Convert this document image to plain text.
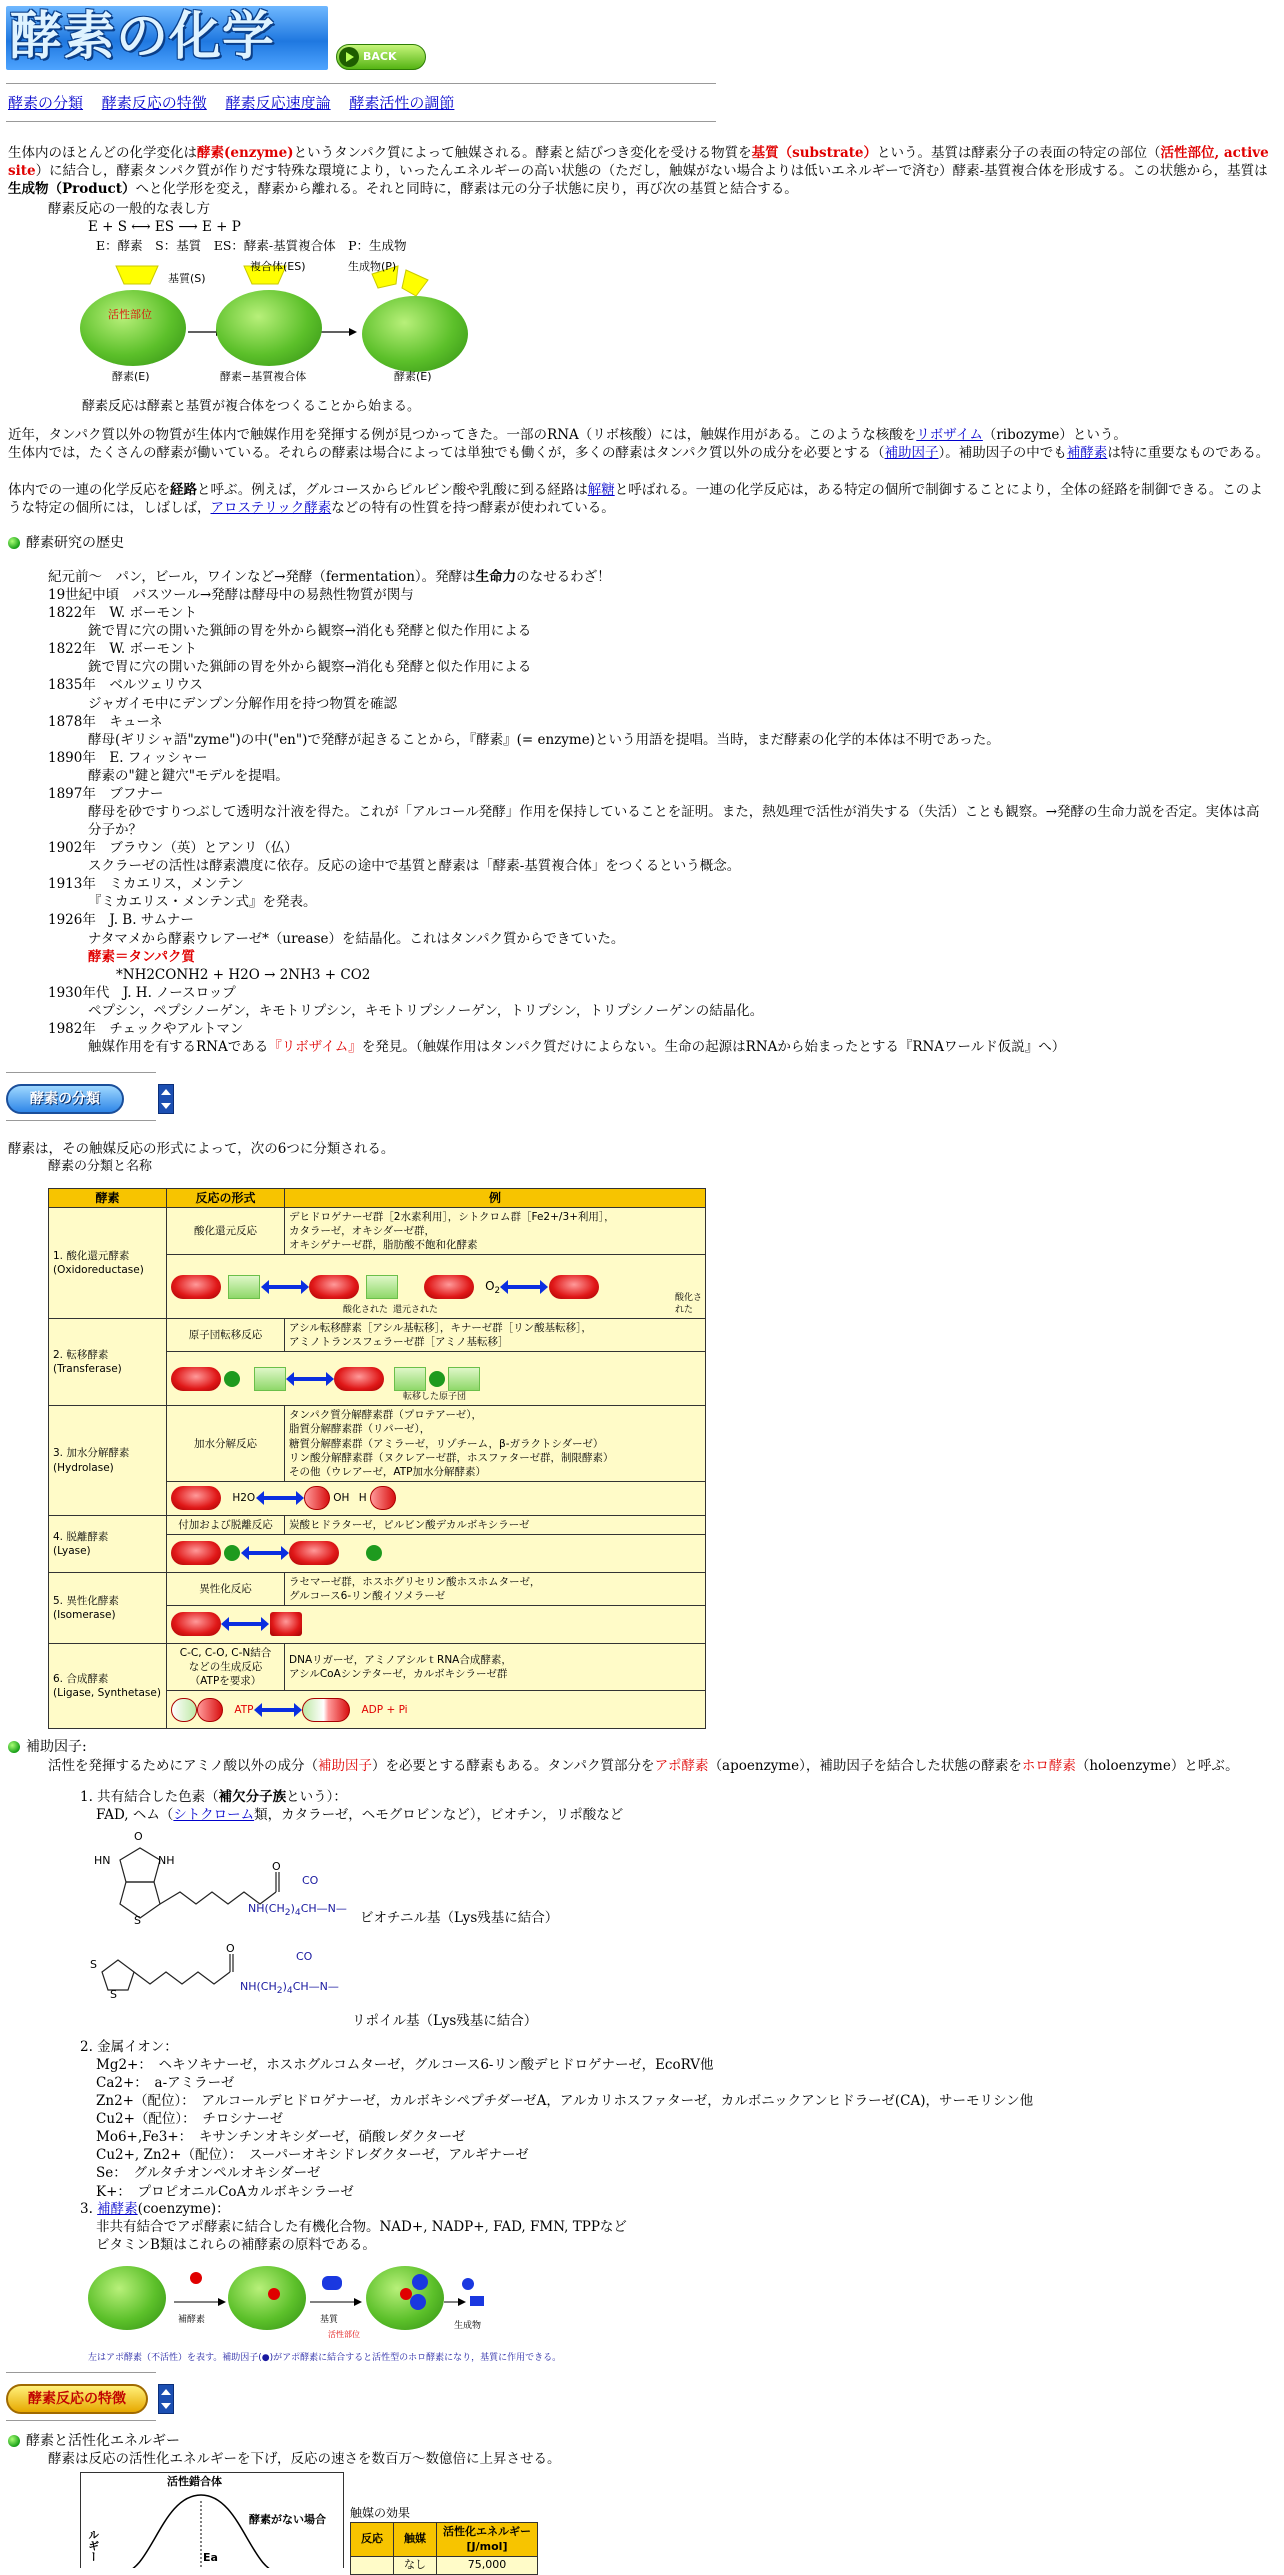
酵素の化学	BACK
酵素の分類 酵素反応の特徴 酵素反応速度論 酵素活性の調節
生体内のほとんどの化学変化は酵素(enzyme)というタンパク質によって触媒される。酵素と結びつき変化を受ける物質を基質（substrate）という。基質は酵素分子の表面の特定の部位（活性部位, active site）に結合し，酵素タンパク質が作りだす特殊な環境により，いったんエネルギーの高い状態の（ただし，触媒がない場合よりは低いエネルギーで済む）酵素-基質複合体を形成する。この状態から，基質は生成物（Product）へと化学形を変え，酵素から離れる。それと同時に，酵素は元の分子状態に戻り，再び次の基質と結合する。
酵素反応の一般的な表し方
E + S ⟷ ES ⟶ E + P
E：酵素　S：基質　ES：酵素-基質複合体　P：生成物
基質(S)
複合体(ES)	生成物(P)
活性部位
酵素(E)	酵素−基質複合体	酵素(E)
酵素反応は酵素と基質が複合体をつくることから始まる。
近年，タンパク質以外の物質が生体内で触媒作用を発揮する例が見つかってきた。一部のRNA（リボ核酸）には，触媒作用がある。このような核酸をリボザイム（ribozyme）という。
生体内では，たくさんの酵素が働いている。それらの酵素は場合によっては単独でも働くが，多くの酵素はタンパク質以外の成分を必要とする（補助因子）。補助因子の中でも補酵素は特に重要なものである。
体内での一連の化学反応を経路と呼ぶ。例えば，グルコースからピルビン酸や乳酸に到る経路は解糖と呼ばれる。一連の化学反応は，ある特定の個所で制御することにより，全体の経路を制御できる。このような特定の個所には，しばしば，アロステリック酵素などの特有の性質を持つ酵素が使われている。
酵素研究の歴史
紀元前～　パン，ビール，ワインなど→発酵（fermentation）。発酵は生命力のなせるわざ！
19世紀中頃　パスツール→発酵は酵母中の易熱性物質が関与
1822年　W. ボーモント
銃で胃に穴の開いた猟師の胃を外から観察→消化も発酵と似た作用による
1822年　W. ボーモント
銃で胃に穴の開いた猟師の胃を外から観察→消化も発酵と似た作用による
1835年　ベルツェリウス
ジャガイモ中にデンプン分解作用を持つ物質を確認
1878年　キューネ
酵母(ギリシャ語"zyme")の中("en")で発酵が起きることから，『酵素』(= enzyme)という用語を提唱。当時，まだ酵素の化学的本体は不明であった。
1890年　E. フィッシャー
酵素の"鍵と鍵穴"モデルを提唱。
1897年　ブフナー
酵母を砂ですりつぶして透明な汁液を得た。これが「アルコール発酵」作用を保持していることを証明。また，熱処理で活性が消失する（失活）ことも観察。→発酵の生命力説を否定。実体は高分子か？
1902年　ブラウン（英）とアンリ（仏）
スクラーゼの活性は酵素濃度に依存。反応の途中で基質と酵素は「酵素-基質複合体」をつくるという概念。
1913年　ミカエリス，メンテン
『ミカエリス・メンテン式』を発表。
1926年　J. B. サムナー
ナタマメから酵素ウレアーゼ*（urease）を結晶化。これはタンパク質からできていた。
酵素＝タンパク質
*NH2CONH2 + H2O → 2NH3 + CO2
1930年代　J. H. ノースロップ
ペプシン，ペプシノーゲン，キモトリプシン，キモトリプシノーゲン，トリプシン，トリプシノーゲンの結晶化。
1982年　チェックやアルトマン
触媒作用を有するRNAである『リボザイム』を発見。（触媒作用はタンパク質だけによらない。生命の起源はRNAから始まったとする『RNAワールド仮説』へ）
酵素の分類
酵素は，その触媒反応の形式によって，次の6つに分類される。
酵素の分類と名称
酵素	反応の形式	例
1. 酸化還元酵素
(Oxidoreductase)	酸化還元反応	デヒドロゲナーゼ群［2水素利用］，シトクロム群［Fe2+/3+利用］，
カタラーゼ，オキシダーゼ群，
オキシゲナーゼ群，脂肪酸不飽和化酵素
	$O_2$
酸化された 還元された
酸化された	

2. 転移酵素
(Transferase)	原子団転移反応	アシル転移酵素［アシル基転移］，キナーゼ群［リン酸基転移］，
アミノトランスフェラーゼ群［アミノ基転移］

	転移した原子団	

3. 加水分解酵素
(Hydrolase)	加水分解反応	タンパク質分解酵素群（プロテアーゼ），
脂質分解酵素群（リパーゼ），
糖質分解酵素群（アミラーゼ，リゾチーム，β-ガラクトシダーゼ）
リン酸分解酵素群（ヌクレアーゼ群，ホスファターゼ群，制限酵素）
その他（ウレアーゼ，ATP加水分解酵素）
	H2O OH H	
4. 脱離酵素
(Lyase)	付加および脱離反応	炭酸ヒドラターゼ，ピルビン酸デカルボキシラーゼ

5. 異性化酵素
(Isomerase)	異性化反応	ラセマーゼ群，ホスホグリセリン酸ホスホムターゼ，
グルコース6-リン酸イソメラーゼ

6. 合成酵素
(Ligase, Synthetase)	C-C, C-O, C-N結合
などの生成反応
（ATPを要求）	DNAリガーゼ，アミノアシルｔRNA合成酵素，
アシルCoAシンテターゼ，カルボキシラーゼ群
	ATP ADP + Pi	
補助因子:
活性を発揮するためにアミノ酸以外の成分（補助因子）を必要とする酵素もある。タンパク質部分をアポ酵素（apoenzyme），補助因子を結合した状態の酵素をホロ酵素（holoenzyme）と呼ぶ。
1. 共有結合した色素（補欠分子族という）：
FAD, ヘム（シトクローム類，カタラーゼ，ヘモグロビンなど），ビオチン，リポ酸など
O
HN	NH
S
O
$NH(CH_2)_4CH—N—$
CO
ビオチニル基（Lys残基に結合）
S
S
O
$NH(CH_2)_4CH—N—$
CO
リポイル基（Lys残基に結合）
2. 金属イオン：
Mg2+：　ヘキソキナーゼ，ホスホグルコムターゼ，グルコース6-リン酸デヒドロゲナーゼ，EcoRV他
Ca2+：　a-アミラーゼ
Zn2+（配位）：　アルコールデヒドロゲナーゼ，カルボキシペプチダーゼA，アルカリホスファターゼ，カルボニックアンヒドラーゼ(CA)，サーモリシン他
Cu2+（配位）：　チロシナーゼ
Mo6+,Fe3+：　キサンチンオキシダーゼ，硝酸レダクターゼ
Cu2+, Zn2+（配位）：　スーパーオキシドレダクターゼ，アルギナーゼ
Se：　グルタチオンペルオキシダーゼ
K+：　プロピオニルCoAカルボキシラーゼ
3. 補酵素(coenzyme)：
非共有結合でアポ酵素に結合した有機化合物。NAD+, NADP+, FAD, FMN, TPPなど
ビタミンB類はこれらの補酵素の原料である。
補酵素	基質
活性部位
生成物
左はアポ酵素（不活性）を表す。補助因子(●)がアポ酵素に結合すると活性型のホロ酵素になり，基質に作用できる。
酵素反応の特徴
酵素と活性化エネルギー
酵素は反応の活性化エネルギーを下げ，反応の速さを数百万～数億倍に上昇させる。
活性錯合体
酵素がない場合
Ea
ルギー
触媒の効果
反応	触媒	活性化エネルギー
[J/mol]
	なし	75,000
